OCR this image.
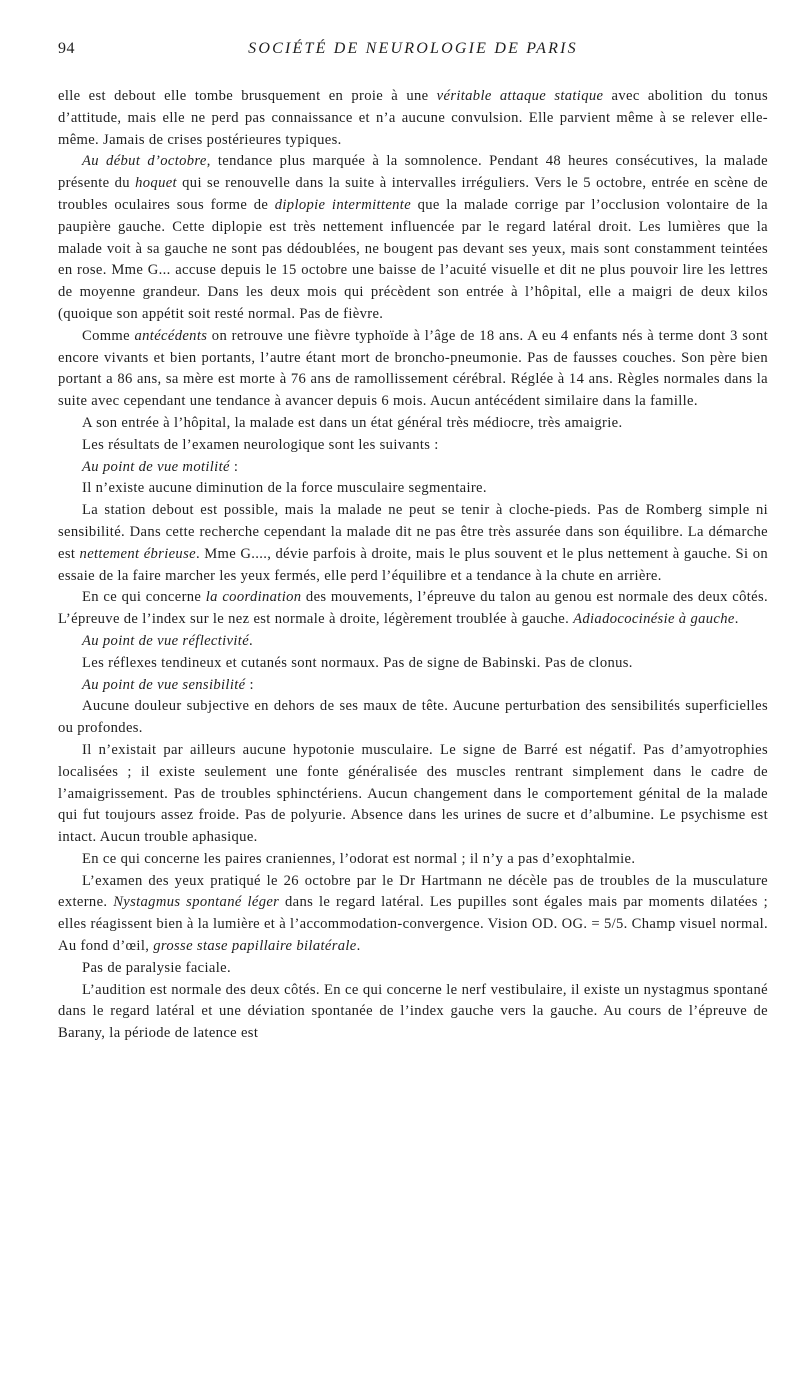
94	SOCIÉTÉ DE NEUROLOGIE DE PARIS

elle est debout elle tombe brusquement en proie à une véritable attaque statique avec abolition du tonus d’attitude, mais elle ne perd pas connaissance et n’a aucune convulsion. Elle parvient même à se relever elle-même. Jamais de crises postérieures typiques.

Au début d’octobre, tendance plus marquée à la somnolence. Pendant 48 heures consécutives, la malade présente du hoquet qui se renouvelle dans la suite à intervalles irréguliers. Vers le 5 octobre, entrée en scène de troubles oculaires sous forme de diplopie intermittente que la malade corrige par l’occlusion volontaire de la paupière gauche. Cette diplopie est très nettement influencée par le regard latéral droit. Les lumières que la malade voit à sa gauche ne sont pas dédoublées, ne bougent pas devant ses yeux, mais sont constamment teintées en rose. Mme G... accuse depuis le 15 octobre une baisse de l’acuité visuelle et dit ne plus pouvoir lire les lettres de moyenne grandeur. Dans les deux mois qui précèdent son entrée à l’hôpital, elle a maigri de deux kilos (quoique son appétit soit resté normal. Pas de fièvre.

Comme antécédents on retrouve une fièvre typhoïde à l’âge de 18 ans. A eu 4 enfants nés à terme dont 3 sont encore vivants et bien portants, l’autre étant mort de broncho-pneumonie. Pas de fausses couches. Son père bien portant a 86 ans, sa mère est morte à 76 ans de ramollissement cérébral. Réglée à 14 ans. Règles normales dans la suite avec cependant une tendance à avancer depuis 6 mois. Aucun antécédent similaire dans la famille.

A son entrée à l’hôpital, la malade est dans un état général très médiocre, très amaigrie.

Les résultats de l’examen neurologique sont les suivants :

Au point de vue motilité :

Il n’existe aucune diminution de la force musculaire segmentaire.

La station debout est possible, mais la malade ne peut se tenir à cloche-pieds. Pas de Romberg simple ni sensibilité. Dans cette recherche cependant la malade dit ne pas être très assurée dans son équilibre. La démarche est nettement ébrieuse. Mme G...., dévie parfois à droite, mais le plus souvent et le plus nettement à gauche. Si on essaie de la faire marcher les yeux fermés, elle perd l’équilibre et a tendance à la chute en arrière.

En ce qui concerne la coordination des mouvements, l’épreuve du talon au genou est normale des deux côtés. L’épreuve de l’index sur le nez est normale à droite, légèrement troublée à gauche. Adiadococinésie à gauche.

Au point de vue réflectivité.

Les réflexes tendineux et cutanés sont normaux. Pas de signe de Babinski. Pas de clonus.

Au point de vue sensibilité :

Aucune douleur subjective en dehors de ses maux de tête. Aucune perturbation des sensibilités superficielles ou profondes.

Il n’existait par ailleurs aucune hypotonie musculaire. Le signe de Barré est négatif. Pas d’amyotrophies localisées ; il existe seulement une fonte généralisée des muscles rentrant simplement dans le cadre de l’amaigrissement. Pas de troubles sphinctériens. Aucun changement dans le comportement génital de la malade qui fut toujours assez froide. Pas de polyurie. Absence dans les urines de sucre et d’albumine. Le psychisme est intact. Aucun trouble aphasique.

En ce qui concerne les paires craniennes, l’odorat est normal ; il n’y a pas d’exophtalmie.

L’examen des yeux pratiqué le 26 octobre par le Dr Hartmann ne décèle pas de troubles de la musculature externe. Nystagmus spontané léger dans le regard latéral. Les pupilles sont égales mais par moments dilatées ; elles réagissent bien à la lumière et à l’accommodation-convergence. Vision OD. OG. = 5/5. Champ visuel normal. Au fond d’œil, grosse stase papillaire bilatérale.

Pas de paralysie faciale.

L’audition est normale des deux côtés. En ce qui concerne le nerf vestibulaire, il existe un nystagmus spontané dans le regard latéral et une déviation spontanée de l’index gauche vers la gauche. Au cours de l’épreuve de Barany, la période de latence est
